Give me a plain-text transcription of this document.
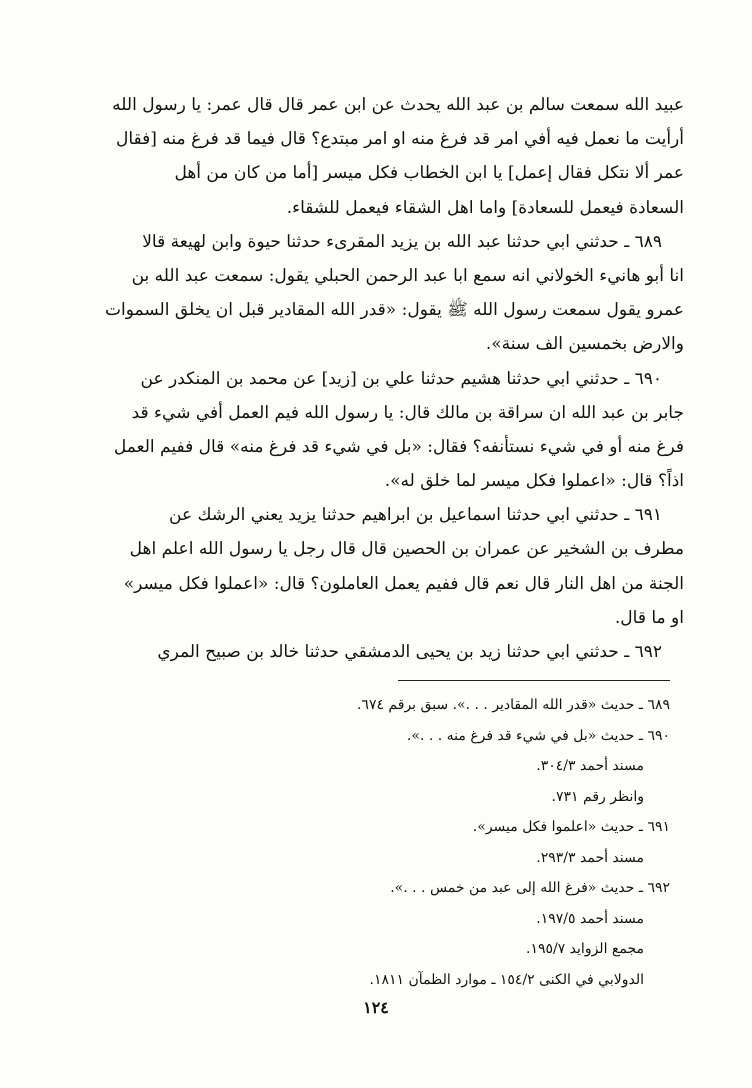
عبيد الله سمعت سالم بن عبد الله يحدث عن ابن عمر قال قال عمر: يا رسول الله
أرأيت ما نعمل فيه أفي امر قد فرغ منه او امر مبتدع؟ قال فيما قد فرغ منه [فقال
عمر ألا نتكل فقال إعمل] يا ابن الخطاب فكل ميسر [أما من كان من أهل
السعادة فيعمل للسعادة] واما اهل الشقاء فيعمل للشقاء.
٦٨٩ ـ حدثني ابي حدثنا عبد الله بن يزيد المقرىء حدثنا حيوة وابن لهيعة قالا
انا أبو هانيء الخولاني انه سمع ابا عبد الرحمن الحبلي يقول: سمعت عبد الله بن
عمرو يقول سمعت رسول الله ﷺ يقول: «قدر الله المقادير قبل ان يخلق السموات
والارض بخمسين الف سنة».
٦٩٠ ـ حدثني ابي حدثنا هشيم حدثنا علي بن [زيد] عن محمد بن المنكدر عن
جابر بن عبد الله ان سراقة بن مالك قال: يا رسول الله فيم العمل أفي شيء قد
فرغ منه أو في شيء نستأنفه؟ فقال: «بل في شيء قد فرغ منه» قال ففيم العمل
اذاً؟ قال: «اعملوا فكل ميسر لما خلق له».
٦٩١ ـ حدثني ابي حدثنا اسماعيل بن ابراهيم حدثنا يزيد يعني الرشك عن
مطرف بن الشخير عن عمران بن الحصين قال قال رجل يا رسول الله اعلم اهل
الجنة من اهل النار قال نعم قال ففيم يعمل العاملون؟ قال: «اعملوا فكل ميسر»
او ما قال.
٦٩٢ ـ حدثني ابي حدثنا زيد بن يحيى الدمشقي حدثنا خالد بن صبيح المري
٦٨٩ ـ حديث «قدر الله المقادير . . .». سبق برقم ٦٧٤.
٦٩٠ ـ حديث «بل في شيء قد فرغ منه . . .».
مسند أحمد ٣٠٤/٣.
وانظر رقم ٧٣١.
٦٩١ ـ حديث «اعلموا فكل ميسر».
مسند أحمد ٢٩٣/٣.
٦٩٢ ـ حديث «فرغ الله إلى عبد من خمس . . .».
مسند أحمد ١٩٧/٥.
مجمع الزوايد ١٩٥/٧.
الدولابي في الكنى ١٥٤/٢ ـ موارد الظمآن ١٨١١.
١٢٤
